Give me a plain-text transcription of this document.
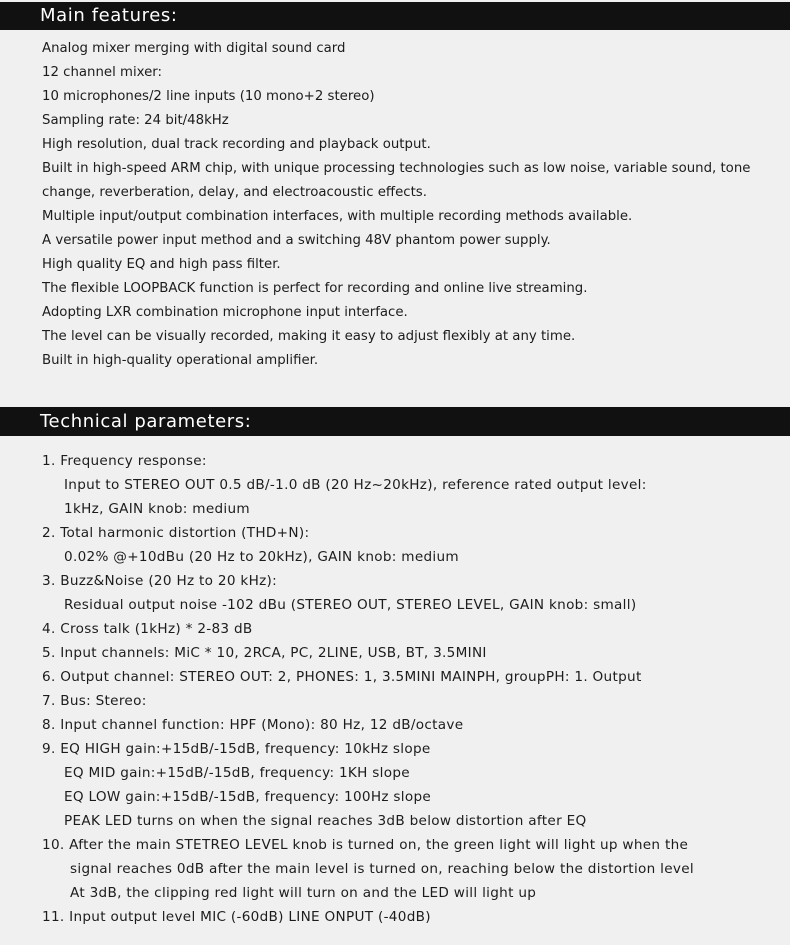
Main features:
Analog mixer merging with digital sound card
12 channel mixer:
10 microphones/2 line inputs (10 mono+2 stereo)
Sampling rate: 24 bit/48kHz
High resolution, dual track recording and playback output.
Built in high-speed ARM chip, with unique processing technologies such as low noise, variable sound, tone
change, reverberation, delay, and electroacoustic effects.
Multiple input/output combination interfaces, with multiple recording methods available.
A versatile power input method and a switching 48V phantom power supply.
High quality EQ and high pass filter.
The flexible LOOPBACK function is perfect for recording and online live streaming.
Adopting LXR combination microphone input interface.
The level can be visually recorded, making it easy to adjust flexibly at any time.
Built in high-quality operational amplifier.
Technical parameters:
1. Frequency response:
Input to STEREO OUT 0.5 dB/-1.0 dB (20 Hz~20kHz), reference rated output level:
1kHz, GAIN knob: medium
2. Total harmonic distortion (THD+N):
0.02% @+10dBu (20 Hz to 20kHz), GAIN knob: medium
3. Buzz&Noise (20 Hz to 20 kHz):
Residual output noise -102 dBu (STEREO OUT, STEREO LEVEL, GAIN knob: small)
4. Cross talk (1kHz) * 2-83 dB
5. Input channels: MiC * 10, 2RCA, PC, 2LINE, USB, BT, 3.5MINI
6. Output channel: STEREO OUT: 2, PHONES: 1, 3.5MINI MAINPH, groupPH: 1. Output
7. Bus: Stereo:
8. Input channel function: HPF (Mono): 80 Hz, 12 dB/octave
9. EQ HIGH gain:+15dB/-15dB, frequency: 10kHz slope
EQ MID gain:+15dB/-15dB, frequency: 1KH slope
EQ LOW gain:+15dB/-15dB, frequency: 100Hz slope
PEAK LED turns on when the signal reaches 3dB below distortion after EQ
10. After the main STETREO LEVEL knob is turned on, the green light will light up when the
signal reaches 0dB after the main level is turned on, reaching below the distortion level
At 3dB, the clipping red light will turn on and the LED will light up
11. Input output level MIC (-60dB) LINE ONPUT (-40dB)
